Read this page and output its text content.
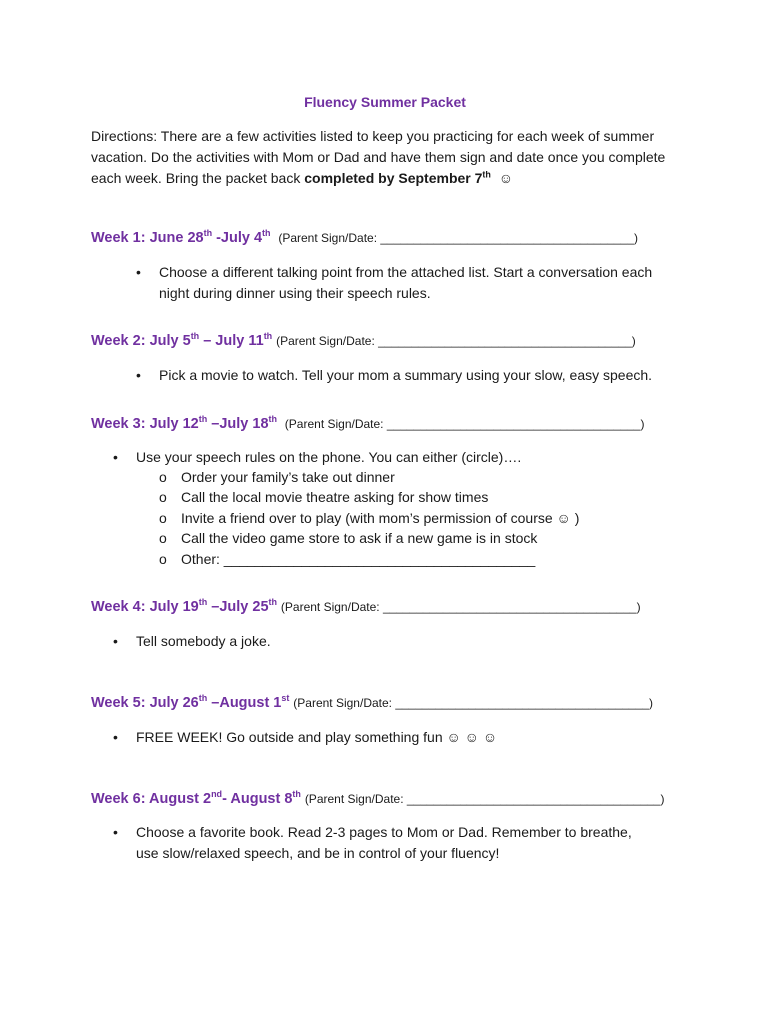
Fluency Summer Packet
Directions: There are a few activities listed to keep you practicing for each week of summer vacation. Do the activities with Mom or Dad and have them sign and date once you complete each week. Bring the packet back completed by September 7th ☺
Week 1: June 28th -July 4th (Parent Sign/Date: ______________________________________)
•	Choose a different talking point from the attached list. Start a conversation each night during dinner using their speech rules.
Week 2: July 5th – July 11th (Parent Sign/Date: ______________________________________)
•	Pick a movie to watch. Tell your mom a summary using your slow, easy speech.
Week 3: July 12th –July 18th (Parent Sign/Date: ______________________________________)
•	Use your speech rules on the phone. You can either (circle)….
o Order your family’s take out dinner
o Call the local movie theatre asking for show times
o Invite a friend over to play (with mom’s permission of course ☺ )
o Call the video game store to ask if a new game is in stock
o Other: ________________________________________
Week 4: July 19th –July 25th (Parent Sign/Date: ______________________________________)
•	Tell somebody a joke.
Week 5: July 26th –August 1st (Parent Sign/Date: ______________________________________)
•	FREE WEEK! Go outside and play something fun ☺ ☺ ☺
Week 6: August 2nd- August 8th (Parent Sign/Date: ______________________________________)
•	Choose a favorite book. Read 2-3 pages to Mom or Dad. Remember to breathe, use slow/relaxed speech, and be in control of your fluency!
